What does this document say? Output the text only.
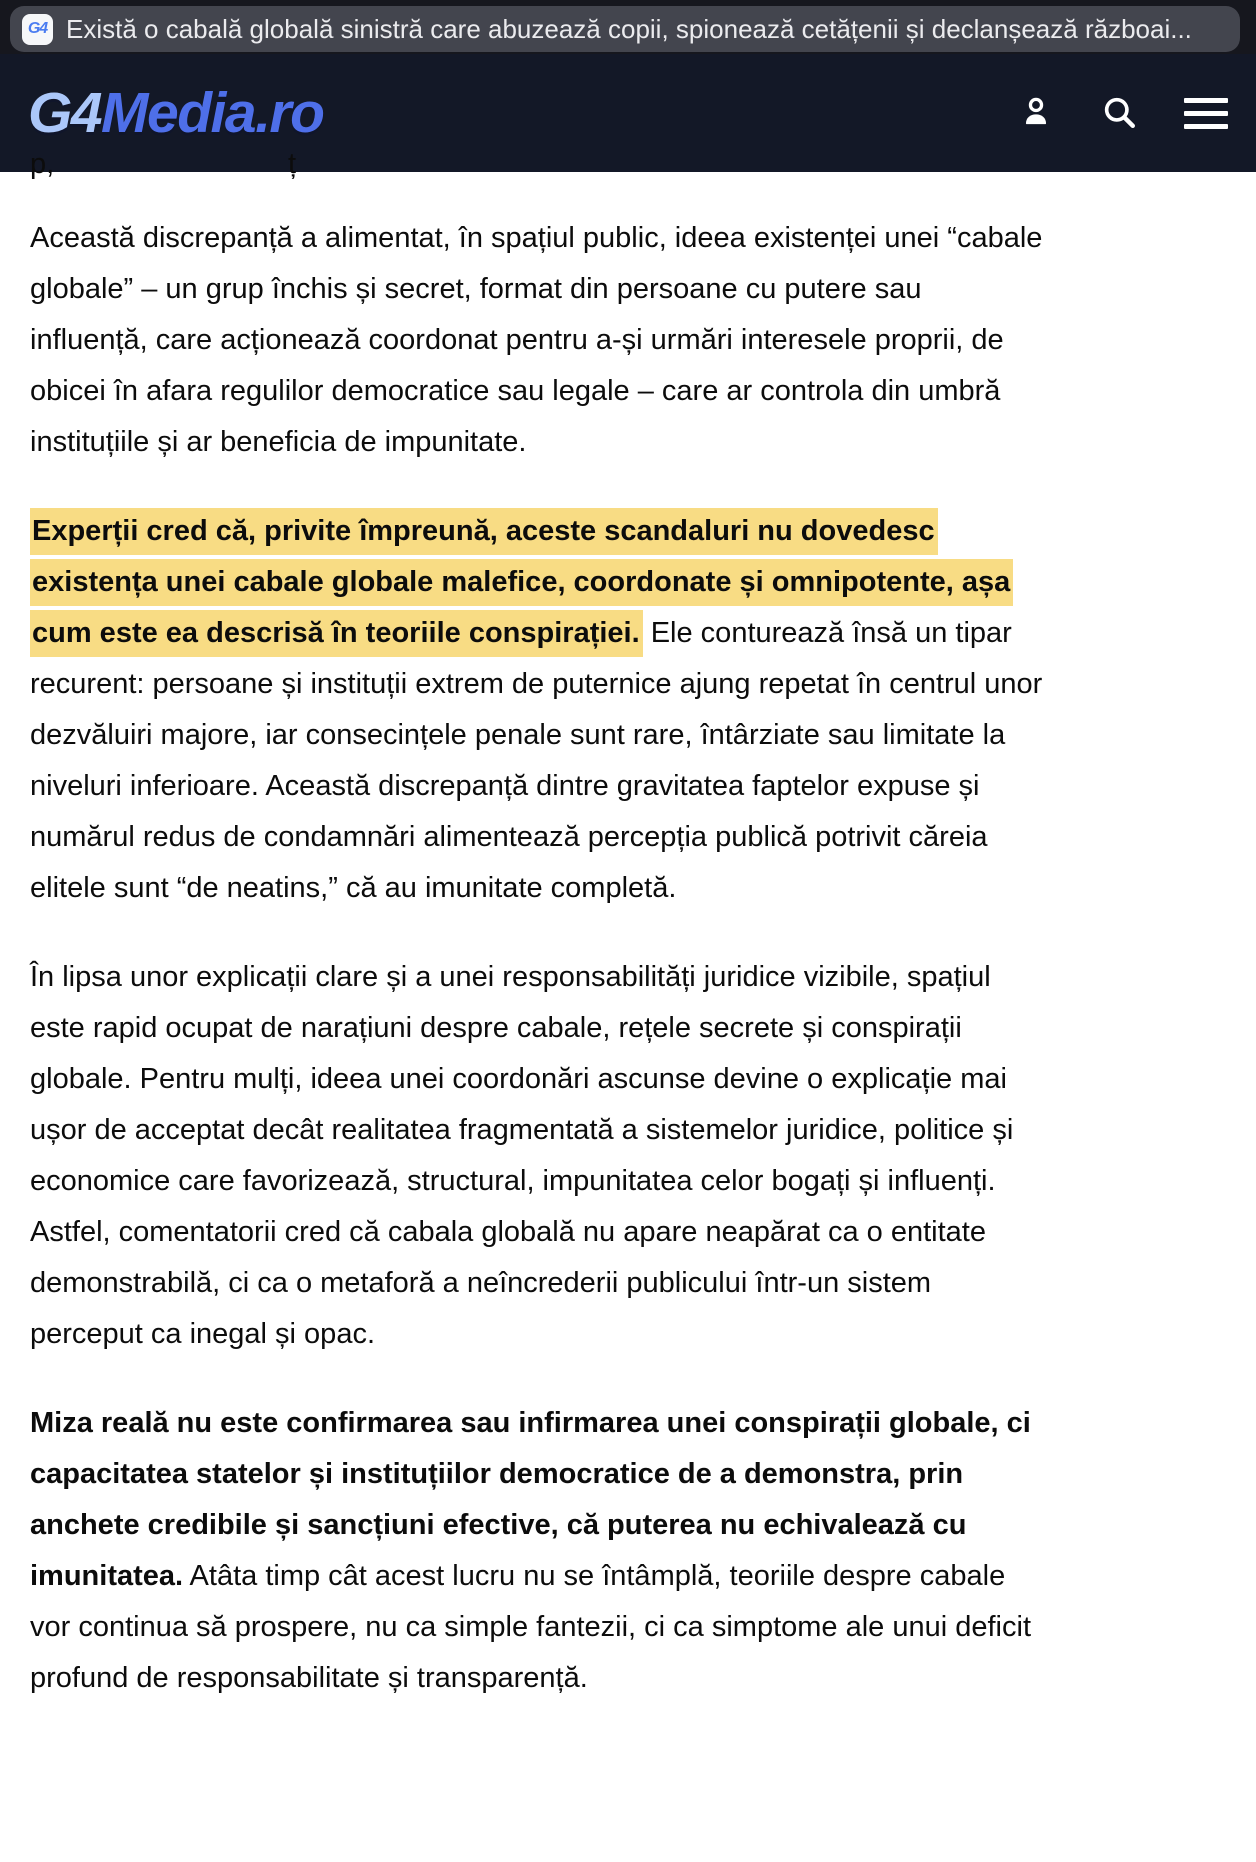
G4 Există o cabală globală sinistră care abuzează copii, spionează cetățenii și declanșează războai...
G4Media.ro
p,	ț

Această discrepanță a alimentat, în spațiul public, ideea existenței unei “cabale globale” – un grup închis și secret, format din persoane cu putere sau influență, care acționează coordonat pentru a-și urmări interesele proprii, de obicei în afara regulilor democratice sau legale – care ar controla din umbră instituțiile și ar beneficia de impunitate.

Experții cred că, privite împreună, aceste scandaluri nu dovedesc existența unei cabale globale malefice, coordonate și omnipotente, așa cum este ea descrisă în teoriile conspirației. Ele conturează însă un tipar recurent: persoane și instituții extrem de puternice ajung repetat în centrul unor dezvăluiri majore, iar consecințele penale sunt rare, întârziate sau limitate la niveluri inferioare. Această discrepanță dintre gravitatea faptelor expuse și numărul redus de condamnări alimentează percepția publică potrivit căreia elitele sunt “de neatins,” că au imunitate completă.

În lipsa unor explicații clare și a unei responsabilități juridice vizibile, spațiul este rapid ocupat de narațiuni despre cabale, rețele secrete și conspirații globale. Pentru mulți, ideea unei coordonări ascunse devine o explicație mai ușor de acceptat decât realitatea fragmentată a sistemelor juridice, politice și economice care favorizează, structural, impunitatea celor bogați și influenți. Astfel, comentatorii cred că cabala globală nu apare neapărat ca o entitate demonstrabilă, ci ca o metaforă a neîncrederii publicului într-un sistem perceput ca inegal și opac.

Miza reală nu este confirmarea sau infirmarea unei conspirații globale, ci capacitatea statelor și instituțiilor democratice de a demonstra, prin anchete credibile și sancțiuni efective, că puterea nu echivalează cu imunitatea. Atâta timp cât acest lucru nu se întâmplă, teoriile despre cabale vor continua să prospere, nu ca simple fantezii, ci ca simptome ale unui deficit profund de responsabilitate și transparență.
